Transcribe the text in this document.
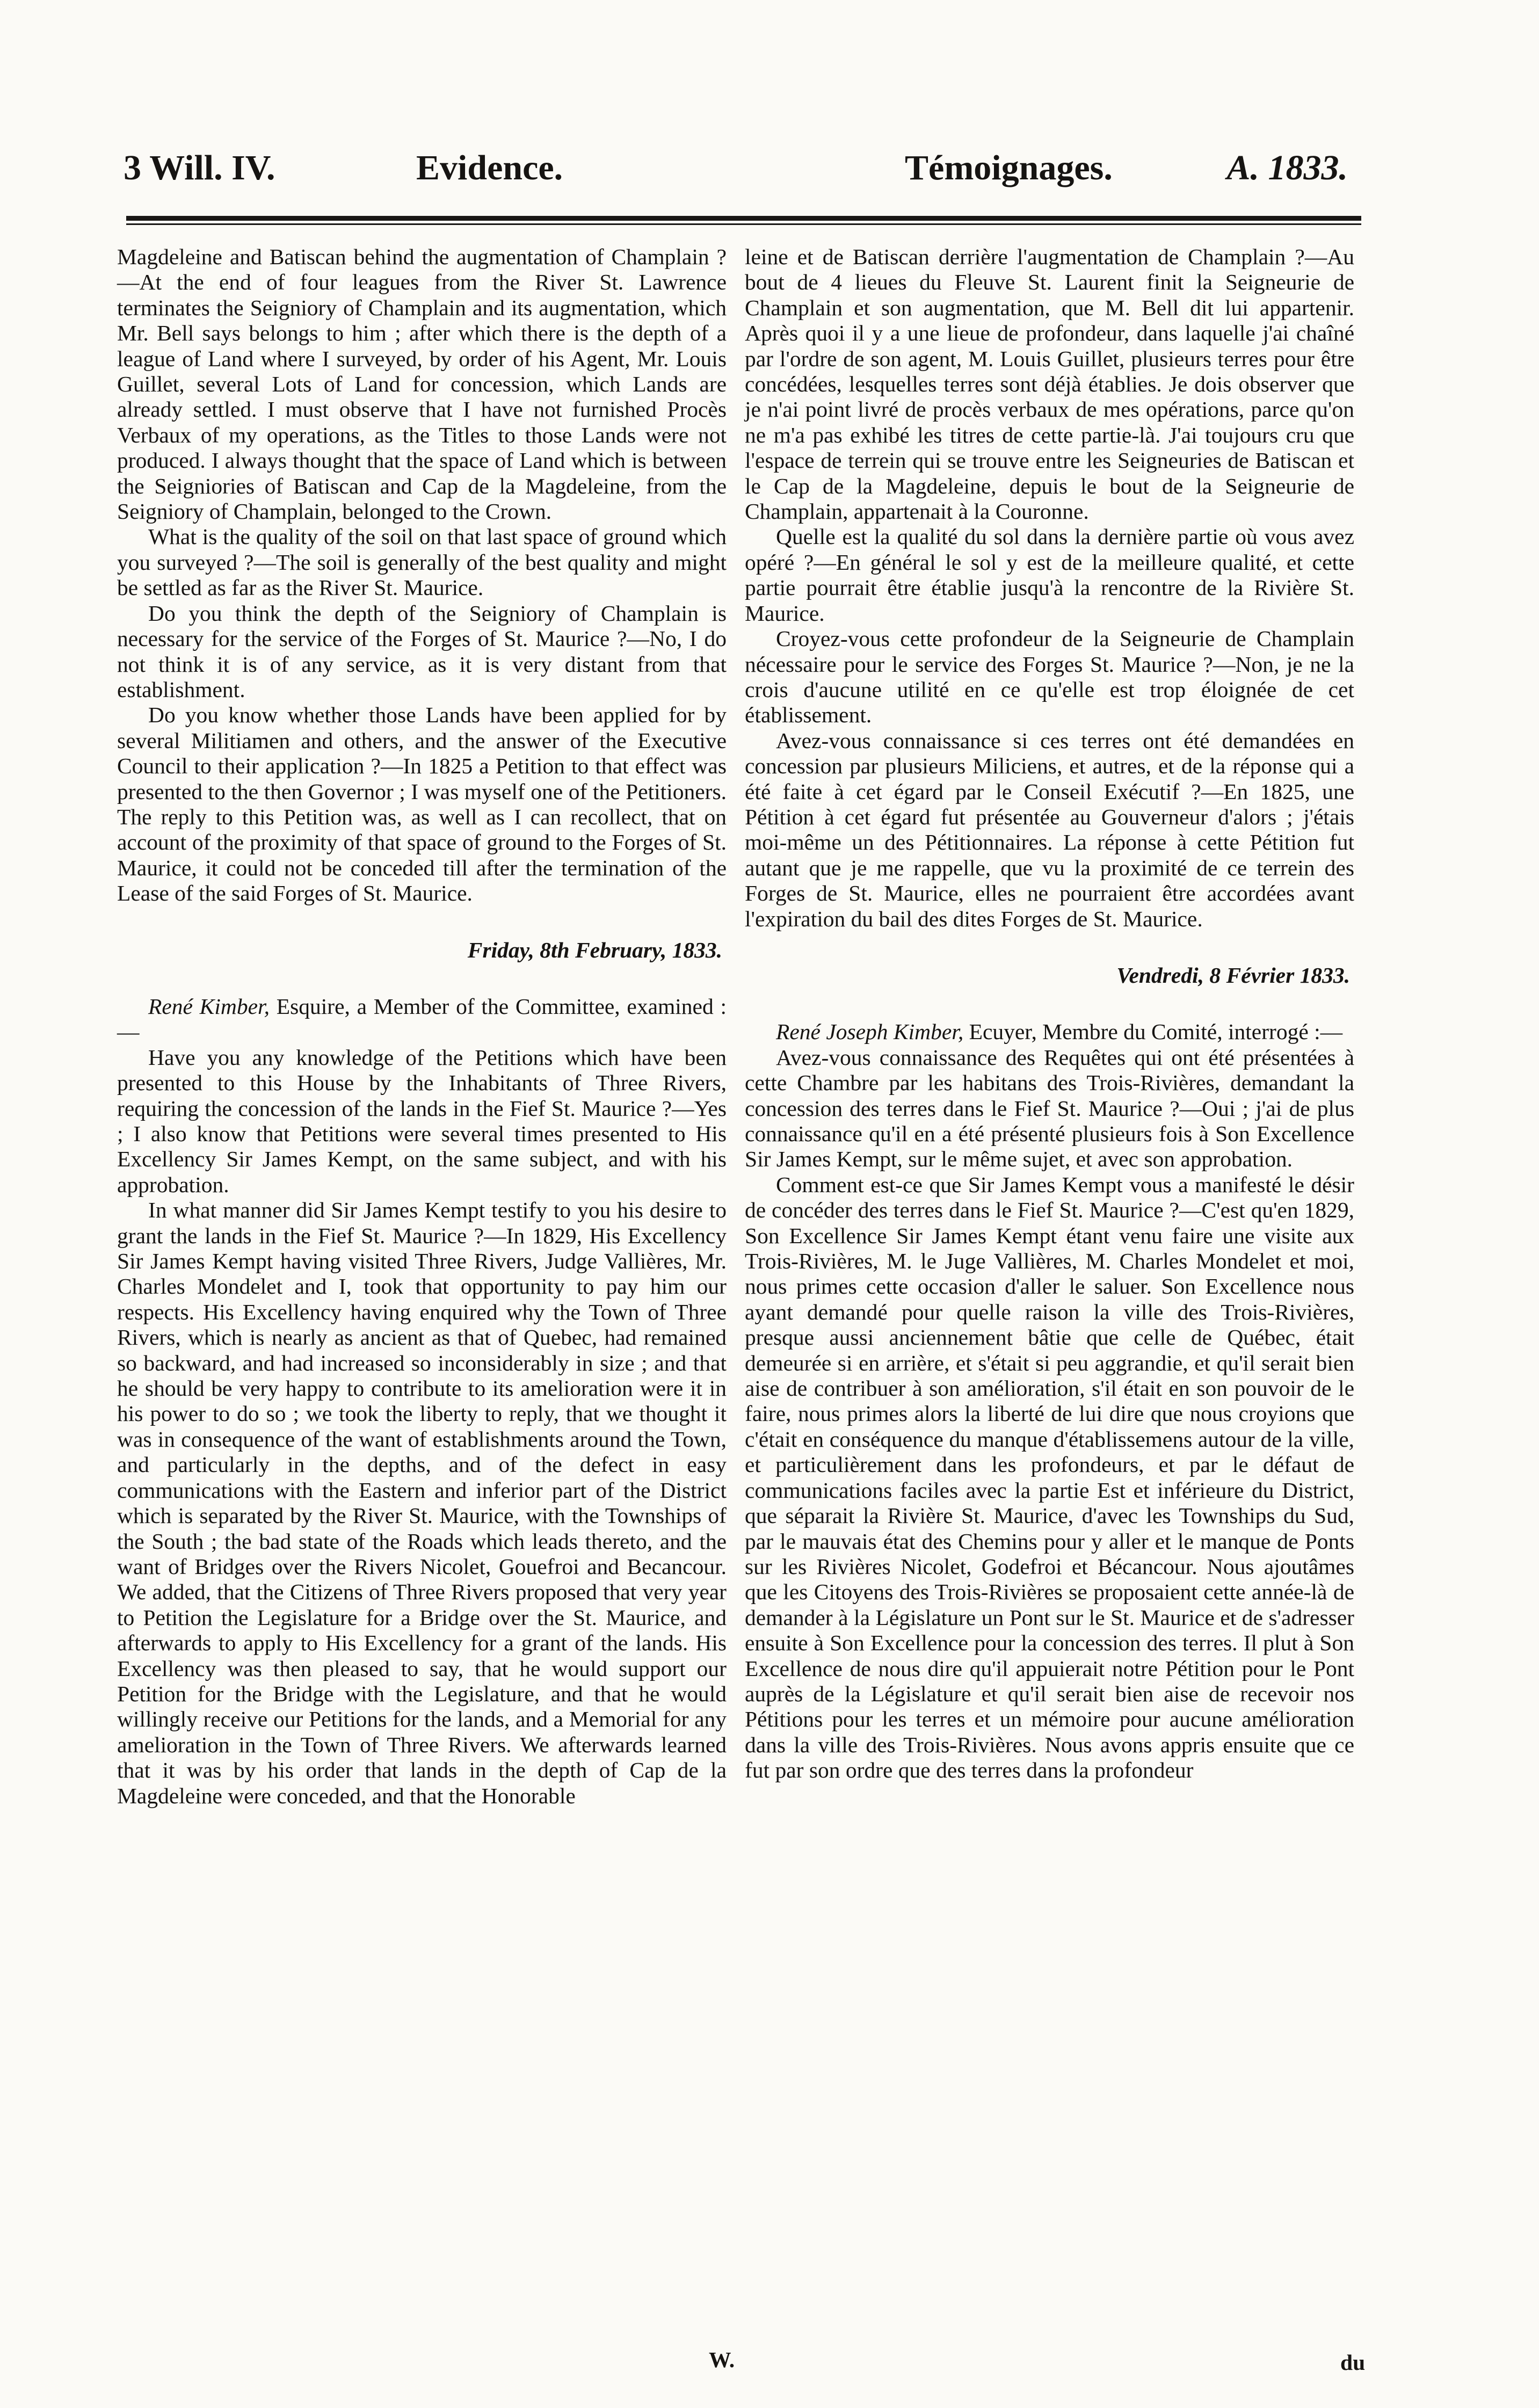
3 Will. IV.	Evidence.	Témoignages.	A. 1833.

Magdeleine and Batiscan behind the augmentation of Champlain ?—At the end of four leagues from the River St. Lawrence terminates the Seigniory of Champlain and its augmentation, which Mr. Bell says belongs to him ; after which there is the depth of a league of Land where I surveyed, by order of his Agent, Mr. Louis Guillet, several Lots of Land for concession, which Lands are already settled. I must observe that I have not furnished Procès Verbaux of my operations, as the Titles to those Lands were not produced. I always thought that the space of Land which is between the Seigniories of Batiscan and Cap de la Magdeleine, from the Seigniory of Champlain, belonged to the Crown.

What is the quality of the soil on that last space of ground which you surveyed ?—The soil is generally of the best quality and might be settled as far as the River St. Maurice.

Do you think the depth of the Seigniory of Champlain is necessary for the service of the Forges of St. Maurice ?—No, I do not think it is of any service, as it is very distant from that establishment.

Do you know whether those Lands have been applied for by several Militiamen and others, and the answer of the Executive Council to their application ?—In 1825 a Petition to that effect was presented to the then Governor ; I was myself one of the Petitioners. The reply to this Petition was, as well as I can recollect, that on account of the proximity of that space of ground to the Forges of St. Maurice, it could not be conceded till after the termination of the Lease of the said Forges of St. Maurice.

Friday, 8th February, 1833.

René Kimber, Esquire, a Member of the Committee, examined :—

Have you any knowledge of the Petitions which have been presented to this House by the Inhabitants of Three Rivers, requiring the concession of the lands in the Fief St. Maurice ?—Yes ; I also know that Petitions were several times presented to His Excellency Sir James Kempt, on the same subject, and with his approbation.

In what manner did Sir James Kempt testify to you his desire to grant the lands in the Fief St. Maurice ?—In 1829, His Excellency Sir James Kempt having visited Three Rivers, Judge Vallières, Mr. Charles Mondelet and I, took that opportunity to pay him our respects. His Excellency having enquired why the Town of Three Rivers, which is nearly as ancient as that of Quebec, had remained so backward, and had increased so inconsiderably in size ; and that he should be very happy to contribute to its amelioration were it in his power to do so ; we took the liberty to reply, that we thought it was in consequence of the want of establishments around the Town, and particularly in the depths, and of the defect in easy communications with the Eastern and inferior part of the District which is separated by the River St. Maurice, with the Townships of the South ; the bad state of the Roads which leads thereto, and the want of Bridges over the Rivers Nicolet, Gouefroi and Becancour. We added, that the Citizens of Three Rivers proposed that very year to Petition the Legislature for a Bridge over the St. Maurice, and afterwards to apply to His Excellency for a grant of the lands. His Excellency was then pleased to say, that he would support our Petition for the Bridge with the Legislature, and that he would willingly receive our Petitions for the lands, and a Memorial for any amelioration in the Town of Three Rivers. We afterwards learned that it was by his order that lands in the depth of Cap de la Magdeleine were conceded, and that the Honorable

leine et de Batiscan derrière l'augmentation de Champlain ?—Au bout de 4 lieues du Fleuve St. Laurent finit la Seigneurie de Champlain et son augmentation, que M. Bell dit lui appartenir. Après quoi il y a une lieue de profondeur, dans laquelle j'ai chaîné par l'ordre de son agent, M. Louis Guillet, plusieurs terres pour être concédées, lesquelles terres sont déjà établies. Je dois observer que je n'ai point livré de procès verbaux de mes opérations, parce qu'on ne m'a pas exhibé les titres de cette partie-là. J'ai toujours cru que l'espace de terrein qui se trouve entre les Seigneuries de Batiscan et le Cap de la Magdeleine, depuis le bout de la Seigneurie de Champlain, appartenait à la Couronne.

Quelle est la qualité du sol dans la dernière partie où vous avez opéré ?—En général le sol y est de la meilleure qualité, et cette partie pourrait être établie jusqu'à la rencontre de la Rivière St. Maurice.

Croyez-vous cette profondeur de la Seigneurie de Champlain nécessaire pour le service des Forges St. Maurice ?—Non, je ne la crois d'aucune utilité en ce qu'elle est trop éloignée de cet établissement.

Avez-vous connaissance si ces terres ont été demandées en concession par plusieurs Miliciens, et autres, et de la réponse qui a été faite à cet égard par le Conseil Exécutif ?—En 1825, une Pétition à cet égard fut présentée au Gouverneur d'alors ; j'étais moi-même un des Pétitionnaires. La réponse à cette Pétition fut autant que je me rappelle, que vu la proximité de ce terrein des Forges de St. Maurice, elles ne pourraient être accordées avant l'expiration du bail des dites Forges de St. Maurice.

Vendredi, 8 Février 1833.

René Joseph Kimber, Ecuyer, Membre du Comité, interrogé :—

Avez-vous connaissance des Requêtes qui ont été présentées à cette Chambre par les habitans des Trois-Rivières, demandant la concession des terres dans le Fief St. Maurice ?—Oui ; j'ai de plus connaissance qu'il en a été présenté plusieurs fois à Son Excellence Sir James Kempt, sur le même sujet, et avec son approbation.

Comment est-ce que Sir James Kempt vous a manifesté le désir de concéder des terres dans le Fief St. Maurice ?—C'est qu'en 1829, Son Excellence Sir James Kempt étant venu faire une visite aux Trois-Rivières, M. le Juge Vallières, M. Charles Mondelet et moi, nous primes cette occasion d'aller le saluer. Son Excellence nous ayant demandé pour quelle raison la ville des Trois-Rivières, presque aussi anciennement bâtie que celle de Québec, était demeurée si en arrière, et s'était si peu aggrandie, et qu'il serait bien aise de contribuer à son amélioration, s'il était en son pouvoir de le faire, nous primes alors la liberté de lui dire que nous croyions que c'était en conséquence du manque d'établissemens autour de la ville, et particulièrement dans les profondeurs, et par le défaut de communications faciles avec la partie Est et inférieure du District, que séparait la Rivière St. Maurice, d'avec les Townships du Sud, par le mauvais état des Chemins pour y aller et le manque de Ponts sur les Rivières Nicolet, Godefroi et Bécancour. Nous ajoutâmes que les Citoyens des Trois-Rivières se proposaient cette année-là de demander à la Législature un Pont sur le St. Maurice et de s'adresser ensuite à Son Excellence pour la concession des terres. Il plut à Son Excellence de nous dire qu'il appuierait notre Pétition pour le Pont auprès de la Législature et qu'il serait bien aise de recevoir nos Pétitions pour les terres et un mémoire pour aucune amélioration dans la ville des Trois-Rivières. Nous avons appris ensuite que ce fut par son ordre que des terres dans la profondeur

W.	du
